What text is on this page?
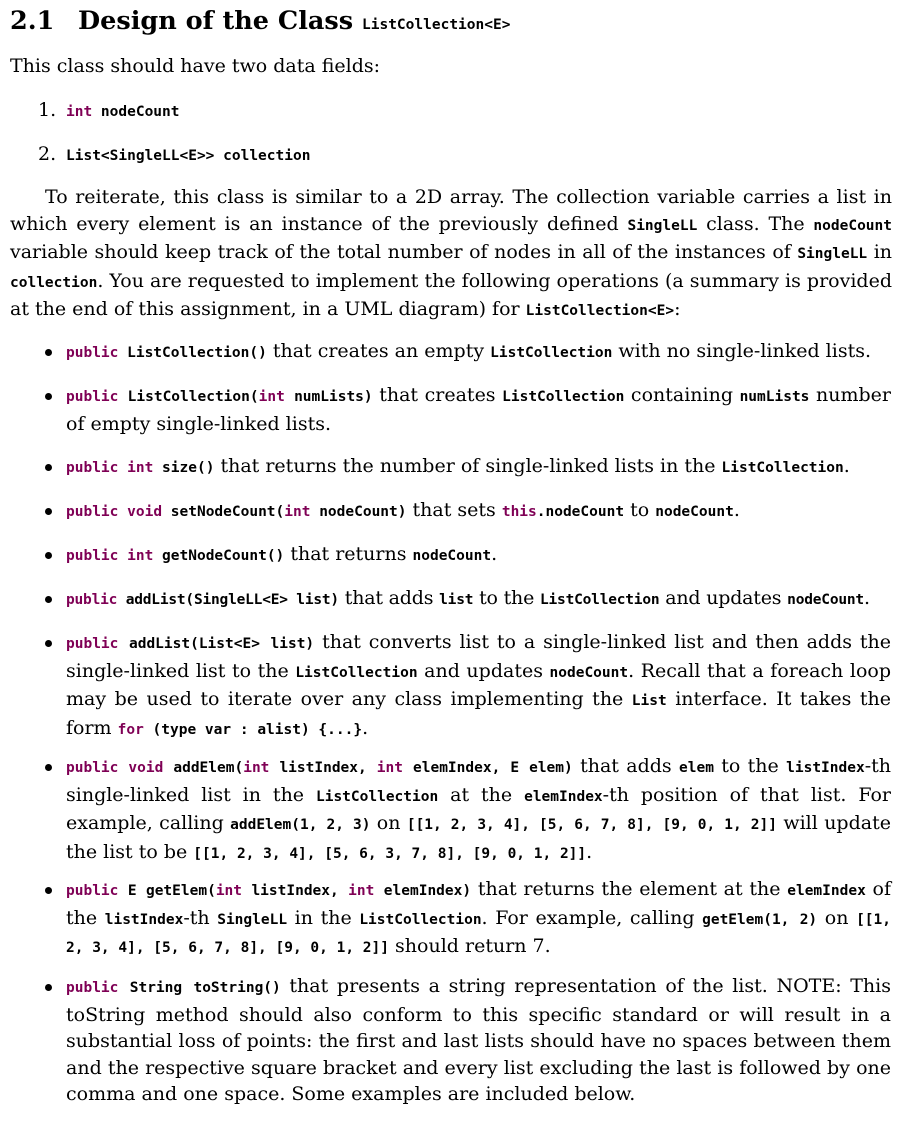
2.1 Design of the Class ListCollection<E>
This class should have two data fields:
1. int nodeCount
2. List<SingleLL<E>> collection
To reiterate, this class is similar to a 2D array. The collection variable carries a list in which every element is an instance of the previously defined SingleLL class. The nodeCount variable should keep track of the total number of nodes in all of the instances of SingleLL in collection. You are requested to implement the following operations (a summary is provided at the end of this assignment, in a UML diagram) for ListCollection<E>:
public ListCollection() that creates an empty ListCollection with no single-linked lists.
public ListCollection(int numLists) that creates ListCollection containing numLists number of empty single-linked lists.
public int size() that returns the number of single-linked lists in the ListCollection.
public void setNodeCount(int nodeCount) that sets this.nodeCount to nodeCount.
public int getNodeCount() that returns nodeCount.
public addList(SingleLL<E> list) that adds list to the ListCollection and updates nodeCount.
public addList(List<E> list) that converts list to a single-linked list and then adds the single-linked list to the ListCollection and updates nodeCount. Recall that a foreach loop may be used to iterate over any class implementing the List interface. It takes the form for (type var : alist) {...}.
public void addElem(int listIndex, int elemIndex, E elem) that adds elem to the listIndex-th single-linked list in the ListCollection at the elemIndex-th position of that list. For example, calling addElem(1, 2, 3) on [[1, 2, 3, 4], [5, 6, 7, 8], [9, 0, 1, 2]] will update the list to be [[1, 2, 3, 4], [5, 6, 3, 7, 8], [9, 0, 1, 2]].
public E getElem(int listIndex, int elemIndex) that returns the element at the elemIndex of the listIndex-th SingleLL in the ListCollection. For example, calling getElem(1, 2) on [[1, 2, 3, 4], [5, 6, 7, 8], [9, 0, 1, 2]] should return 7.
public String toString() that presents a string representation of the list. NOTE: This toString method should also conform to this specific standard or will result in a substantial loss of points: the first and last lists should have no spaces between them and the respective square bracket and every list excluding the last is followed by one comma and one space. Some examples are included below.
